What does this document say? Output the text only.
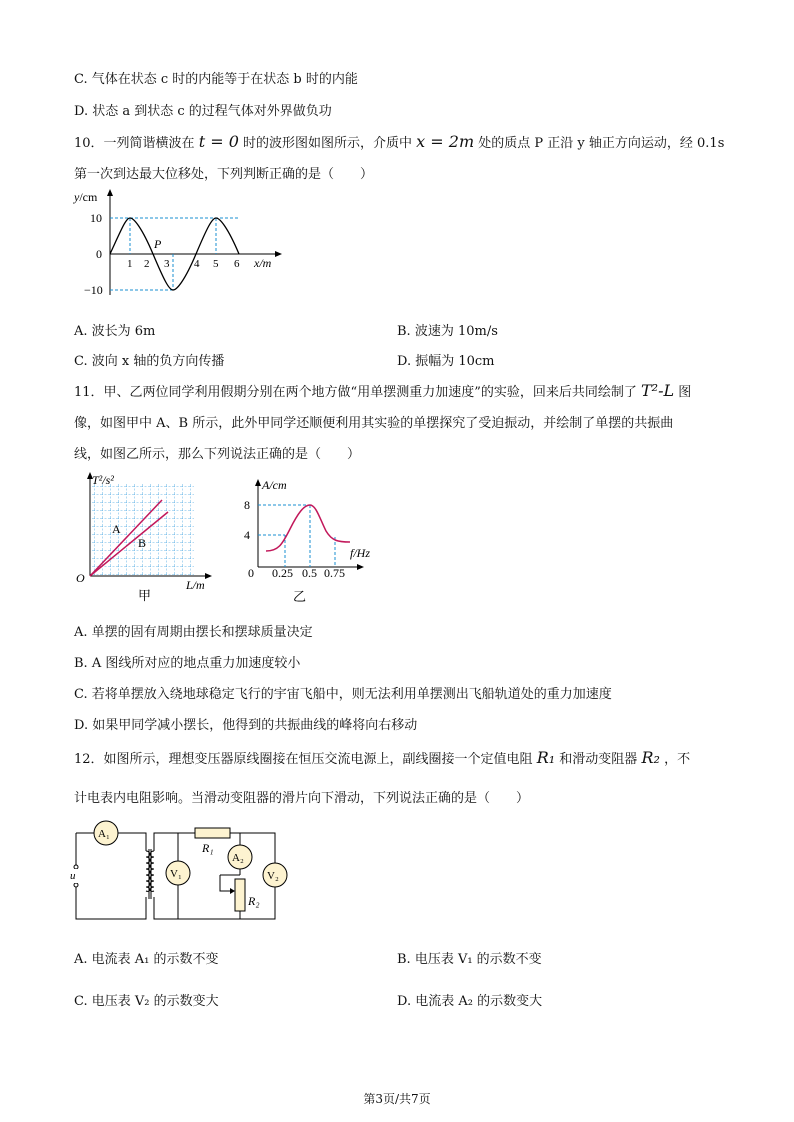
C. 气体在状态 c 时的内能等于在状态 b 时的内能
D. 状态 a 到状态 c 的过程气体对外界做负功
10．一列简谐横波在 t = 0 时的波形图如图所示，介质中 x = 2m 处的质点 P 正沿 y 轴正方向运动，经 0.1s
第一次到达最大位移处，下列判断正确的是（　　）
y/cm
10
0
−10
1 2 3 4 5 6 x/m
P
A. 波长为 6m	B. 波速为 10m/s
C. 波向 x 轴的负方向传播	D. 振幅为 10cm
11．甲、乙两位同学利用假期分别在两个地方做“用单摆测重力加速度”的实验，回来后共同绘制了 T²-L 图
像，如图甲中 A、B 所示，此外甲同学还顺便利用其实验的单摆探究了受迫振动，并绘制了单摆的共振曲
线，如图乙所示，那么下列说法正确的是（　　）
T²/s²
A
B
O	L/m
甲
A/cm
8
4
0 0.25 0.5 0.75
f/Hz
乙
A. 单摆的固有周期由摆长和摆球质量决定
B. A 图线所对应的地点重力加速度较小
C. 若将单摆放入绕地球稳定飞行的宇宙飞船中，则无法利用单摆测出飞船轨道处的重力加速度
D. 如果甲同学减小摆长，他得到的共振曲线的峰将向右移动
12．如图所示，理想变压器原线圈接在恒压交流电源上，副线圈接一个定值电阻 R₁ 和滑动变阻器 R₂ ，不
计电表内电阻影响。当滑动变阻器的滑片向下滑动，下列说法正确的是（　　）
u
A₁
V₁
R₁
A₂
R₂
V₂
A. 电流表 A₁ 的示数不变	B. 电压表 V₁ 的示数不变
C. 电压表 V₂ 的示数变大	D. 电流表 A₂ 的示数变大
第3页/共7页
